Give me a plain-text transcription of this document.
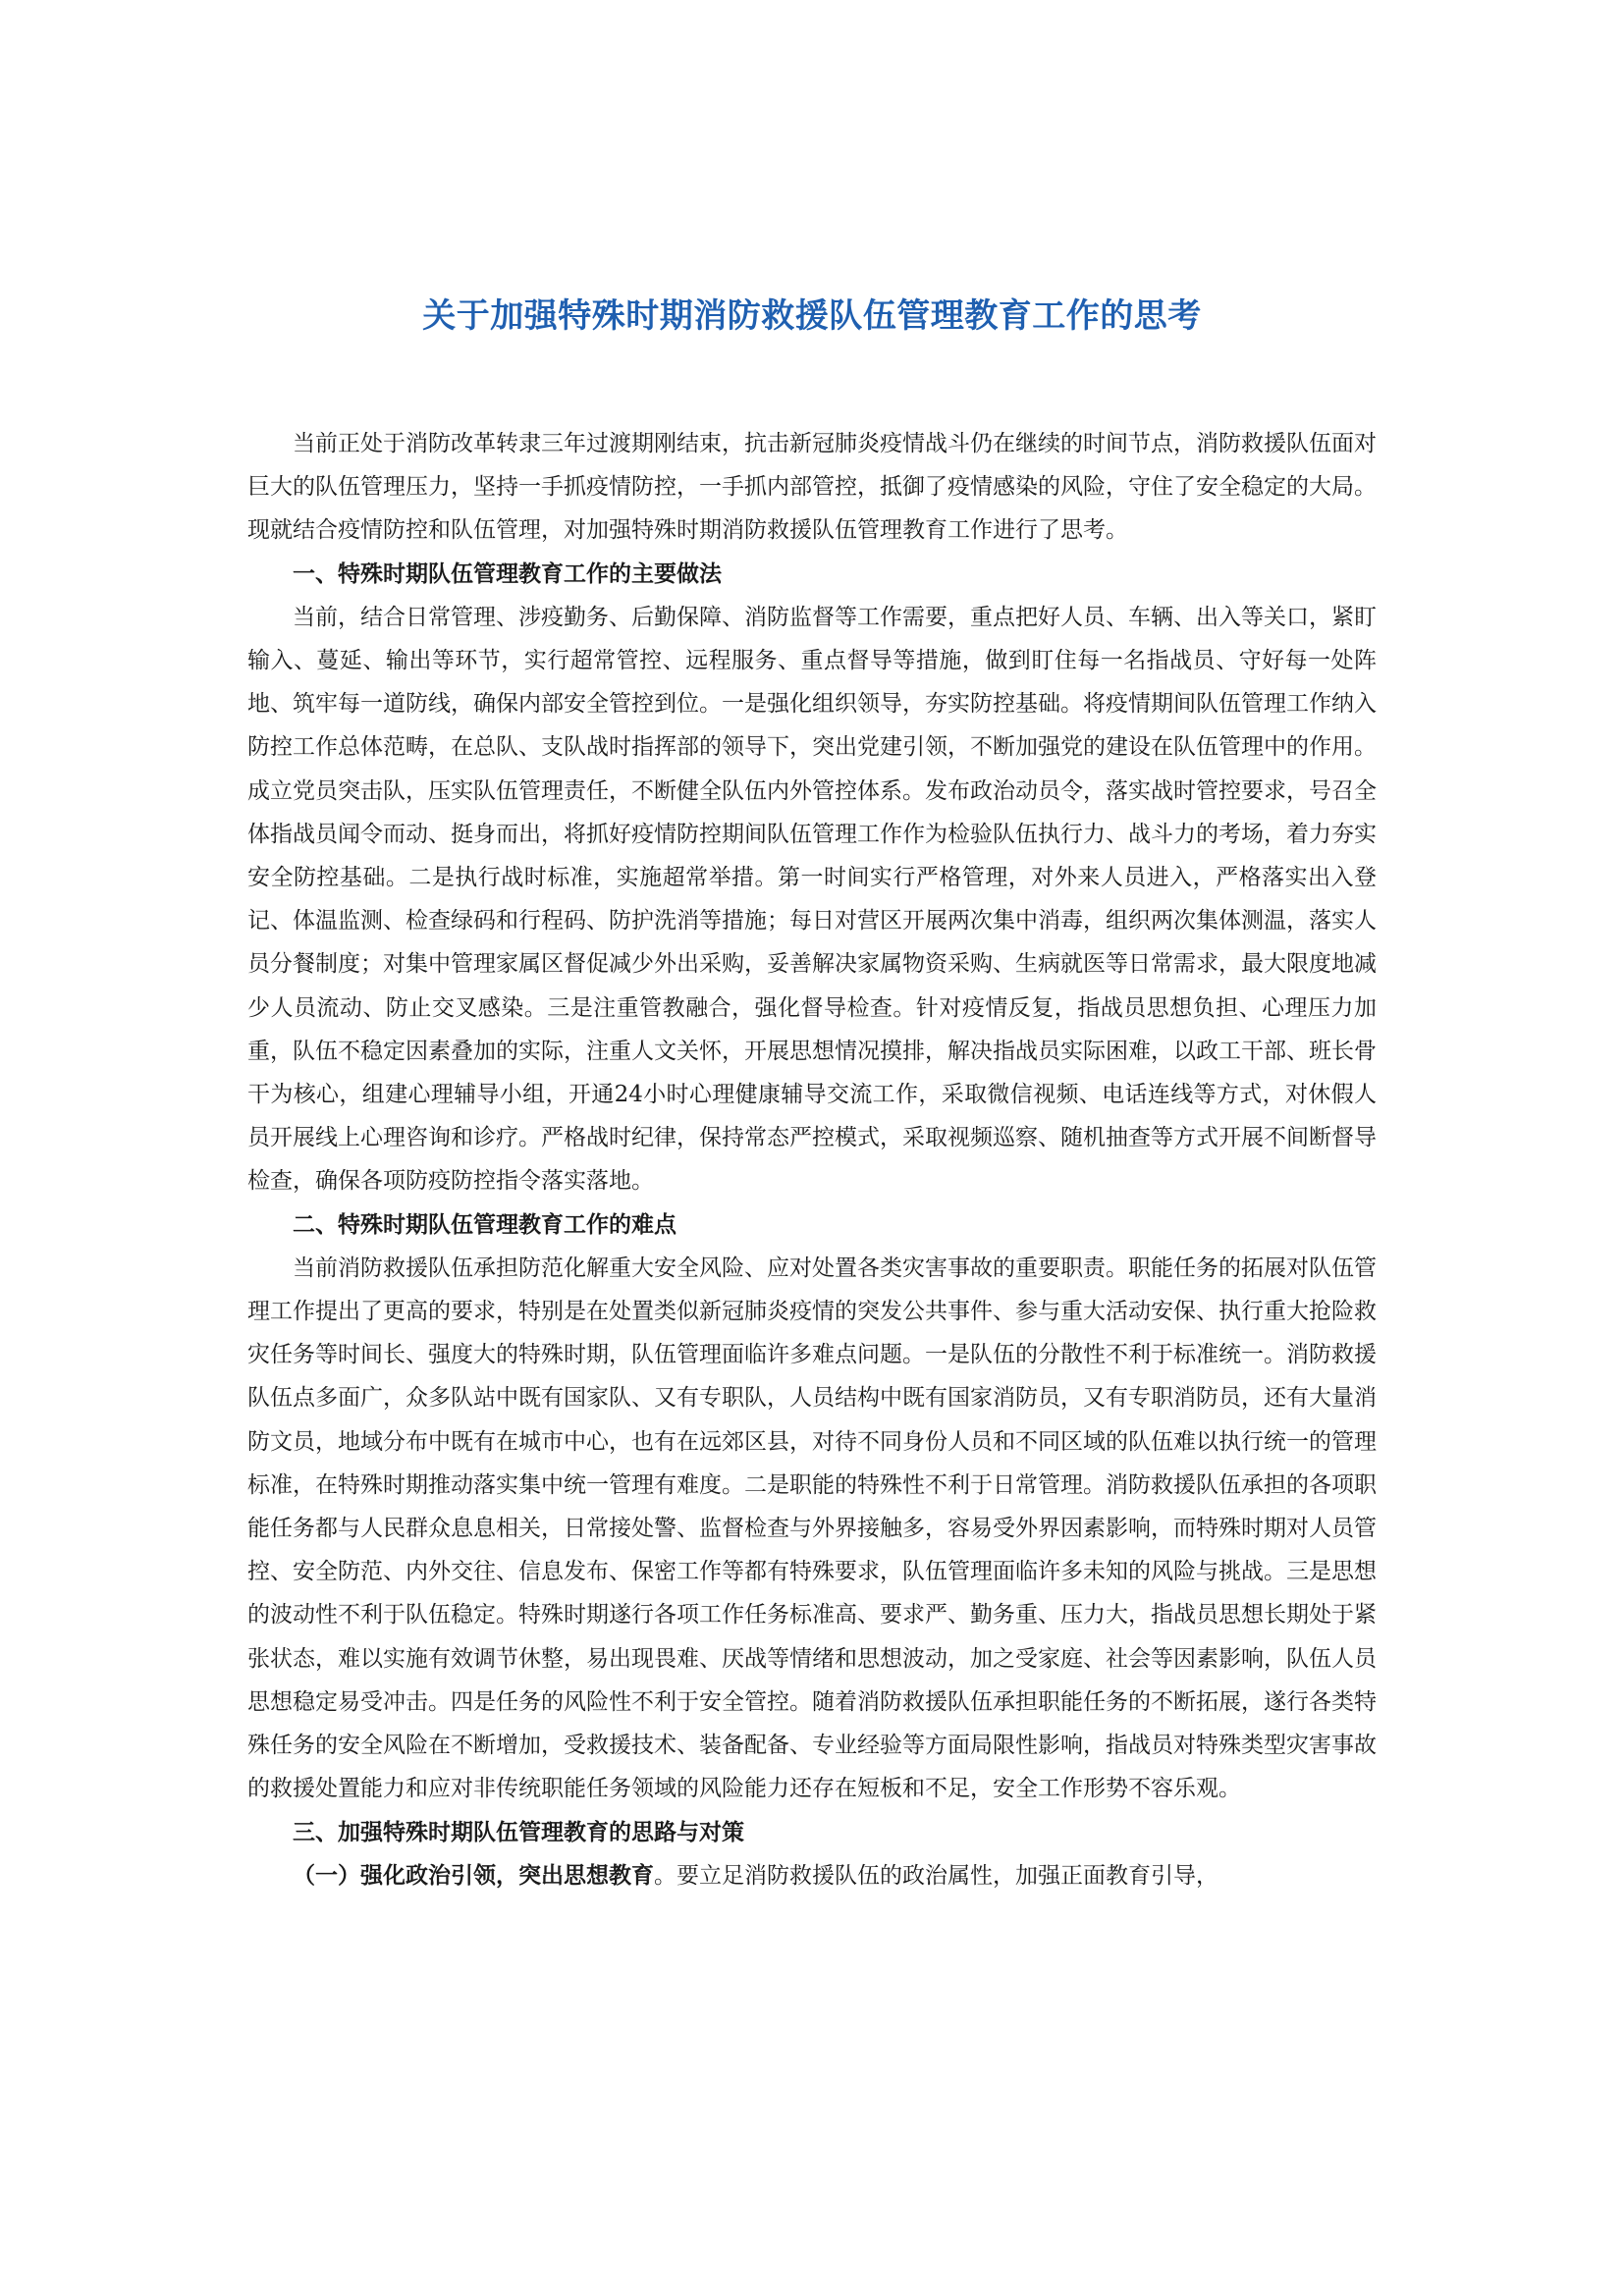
关于加强特殊时期消防救援队伍管理教育工作的思考

当前正处于消防改革转隶三年过渡期刚结束，抗击新冠肺炎疫情战斗仍在继续的时间节点，消防救援队伍面对巨大的队伍管理压力，坚持一手抓疫情防控，一手抓内部管控，抵御了疫情感染的风险，守住了安全稳定的大局。现就结合疫情防控和队伍管理，对加强特殊时期消防救援队伍管理教育工作进行了思考。

一、特殊时期队伍管理教育工作的主要做法

当前，结合日常管理、涉疫勤务、后勤保障、消防监督等工作需要，重点把好人员、车辆、出入等关口，紧盯输入、蔓延、输出等环节，实行超常管控、远程服务、重点督导等措施，做到盯住每一名指战员、守好每一处阵地、筑牢每一道防线，确保内部安全管控到位。一是强化组织领导，夯实防控基础。将疫情期间队伍管理工作纳入防控工作总体范畴，在总队、支队战时指挥部的领导下，突出党建引领，不断加强党的建设在队伍管理中的作用。成立党员突击队，压实队伍管理责任，不断健全队伍内外管控体系。发布政治动员令，落实战时管控要求，号召全体指战员闻令而动、挺身而出，将抓好疫情防控期间队伍管理工作作为检验队伍执行力、战斗力的考场，着力夯实安全防控基础。二是执行战时标准，实施超常举措。第一时间实行严格管理，对外来人员进入，严格落实出入登记、体温监测、检查绿码和行程码、防护洗消等措施；每日对营区开展两次集中消毒，组织两次集体测温，落实人员分餐制度；对集中管理家属区督促减少外出采购，妥善解决家属物资采购、生病就医等日常需求，最大限度地减少人员流动、防止交叉感染。三是注重管教融合，强化督导检查。针对疫情反复，指战员思想负担、心理压力加重，队伍不稳定因素叠加的实际，注重人文关怀，开展思想情况摸排，解决指战员实际困难，以政工干部、班长骨干为核心，组建心理辅导小组，开通24小时心理健康辅导交流工作，采取微信视频、电话连线等方式，对休假人员开展线上心理咨询和诊疗。严格战时纪律，保持常态严控模式，采取视频巡察、随机抽查等方式开展不间断督导检查，确保各项防疫防控指令落实落地。

二、特殊时期队伍管理教育工作的难点

当前消防救援队伍承担防范化解重大安全风险、应对处置各类灾害事故的重要职责。职能任务的拓展对队伍管理工作提出了更高的要求，特别是在处置类似新冠肺炎疫情的突发公共事件、参与重大活动安保、执行重大抢险救灾任务等时间长、强度大的特殊时期，队伍管理面临许多难点问题。一是队伍的分散性不利于标准统一。消防救援队伍点多面广，众多队站中既有国家队、又有专职队，人员结构中既有国家消防员，又有专职消防员，还有大量消防文员，地域分布中既有在城市中心，也有在远郊区县，对待不同身份人员和不同区域的队伍难以执行统一的管理标准，在特殊时期推动落实集中统一管理有难度。二是职能的特殊性不利于日常管理。消防救援队伍承担的各项职能任务都与人民群众息息相关，日常接处警、监督检查与外界接触多，容易受外界因素影响，而特殊时期对人员管控、安全防范、内外交往、信息发布、保密工作等都有特殊要求，队伍管理面临许多未知的风险与挑战。三是思想的波动性不利于队伍稳定。特殊时期遂行各项工作任务标准高、要求严、勤务重、压力大，指战员思想长期处于紧张状态，难以实施有效调节休整，易出现畏难、厌战等情绪和思想波动，加之受家庭、社会等因素影响，队伍人员思想稳定易受冲击。四是任务的风险性不利于安全管控。随着消防救援队伍承担职能任务的不断拓展，遂行各类特殊任务的安全风险在不断增加，受救援技术、装备配备、专业经验等方面局限性影响，指战员对特殊类型灾害事故的救援处置能力和应对非传统职能任务领域的风险能力还存在短板和不足，安全工作形势不容乐观。

三、加强特殊时期队伍管理教育的思路与对策

（一）强化政治引领，突出思想教育。要立足消防救援队伍的政治属性，加强正面教育引导，
